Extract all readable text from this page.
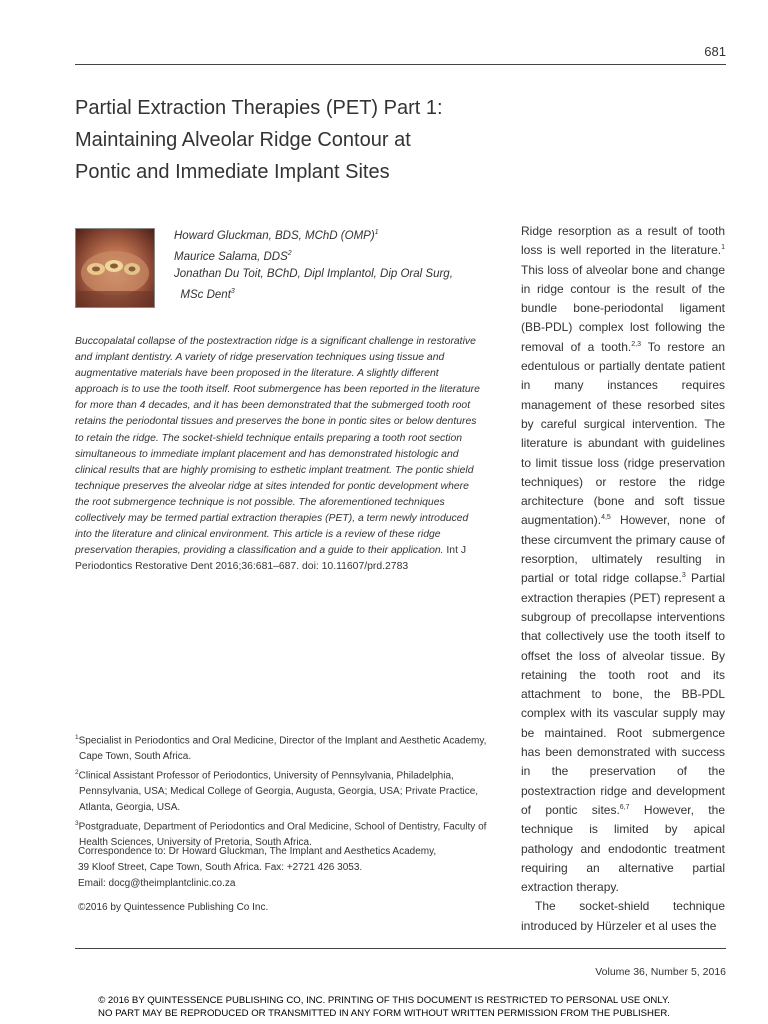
681
Partial Extraction Therapies (PET) Part 1:
Maintaining Alveolar Ridge Contour at
Pontic and Immediate Implant Sites
Howard Gluckman, BDS, MChD (OMP)$^1$
Maurice Salama, DDS$^2$
Jonathan Du Toit, BChD, Dipl Implantol, Dip Oral Surg,
MSc Dent$^3$

Buccopalatal collapse of the postextraction ridge is a significant challenge in restorative and implant dentistry. A variety of ridge preservation techniques using tissue and augmentative materials have been proposed in the literature. A slightly different approach is to use the tooth itself. Root submergence has been reported in the literature for more than 4 decades, and it has been demonstrated that the submerged tooth root retains the periodontal tissues and preserves the bone in pontic sites or below dentures to retain the ridge. The socket-shield technique entails preparing a tooth root section simultaneous to immediate implant placement and has demonstrated histologic and clinical results that are highly promising to esthetic implant treatment. The pontic shield technique preserves the alveolar ridge at sites intended for pontic development where the root submergence technique is not possible. The aforementioned techniques collectively may be termed partial extraction therapies (PET), a term newly introduced into the literature and clinical environment. This article is a review of these ridge preservation therapies, providing a classification and a guide to their application. Int J Periodontics Restorative Dent 2016;36:681–687. doi: 10.11607/prd.2783

$^1$Specialist in Periodontics and Oral Medicine, Director of the Implant and Aesthetic Academy, Cape Town, South Africa.
$^2$Clinical Assistant Professor of Periodontics, University of Pennsylvania, Philadelphia, Pennsylvania, USA; Medical College of Georgia, Augusta, Georgia, USA; Private Practice, Atlanta, Georgia, USA.
$^3$Postgraduate, Department of Periodontics and Oral Medicine, School of Dentistry, Faculty of Health Sciences, University of Pretoria, South Africa.
Correspondence to: Dr Howard Gluckman, The Implant and Aesthetics Academy,
39 Kloof Street, Cape Town, South Africa. Fax: +2721 426 3053.
Email: docg@theimplantclinic.co.za
©2016 by Quintessence Publishing Co Inc.

Ridge resorption as a result of tooth loss is well reported in the literature.$^1$ This loss of alveolar bone and change in ridge contour is the result of the bundle bone-periodontal ligament (BB-PDL) complex lost following the removal of a tooth.$^{2,3}$ To restore an edentulous or partially dentate patient in many instances requires management of these resorbed sites by careful surgical intervention. The literature is abundant with guidelines to limit tissue loss (ridge preservation techniques) or restore the ridge architecture (bone and soft tissue augmentation).$^{4,5}$ However, none of these circumvent the primary cause of resorption, ultimately resulting in partial or total ridge collapse.$^3$ Partial extraction therapies (PET) represent a subgroup of precollapse interventions that collectively use the tooth itself to offset the loss of alveolar tissue. By retaining the tooth root and its attachment to bone, the BB-PDL complex with its vascular supply may be maintained. Root submergence has been demonstrated with success in the preservation of the postextraction ridge and development of pontic sites.$^{6,7}$ However, the technique is limited by apical pathology and endodontic treatment requiring an alternative partial extraction therapy.

The socket-shield technique introduced by Hürzeler et al uses the

Volume 36, Number 5, 2016
© 2016 BY QUINTESSENCE PUBLISHING CO, INC. PRINTING OF THIS DOCUMENT IS RESTRICTED TO PERSONAL USE ONLY.
NO PART MAY BE REPRODUCED OR TRANSMITTED IN ANY FORM WITHOUT WRITTEN PERMISSION FROM THE PUBLISHER.
